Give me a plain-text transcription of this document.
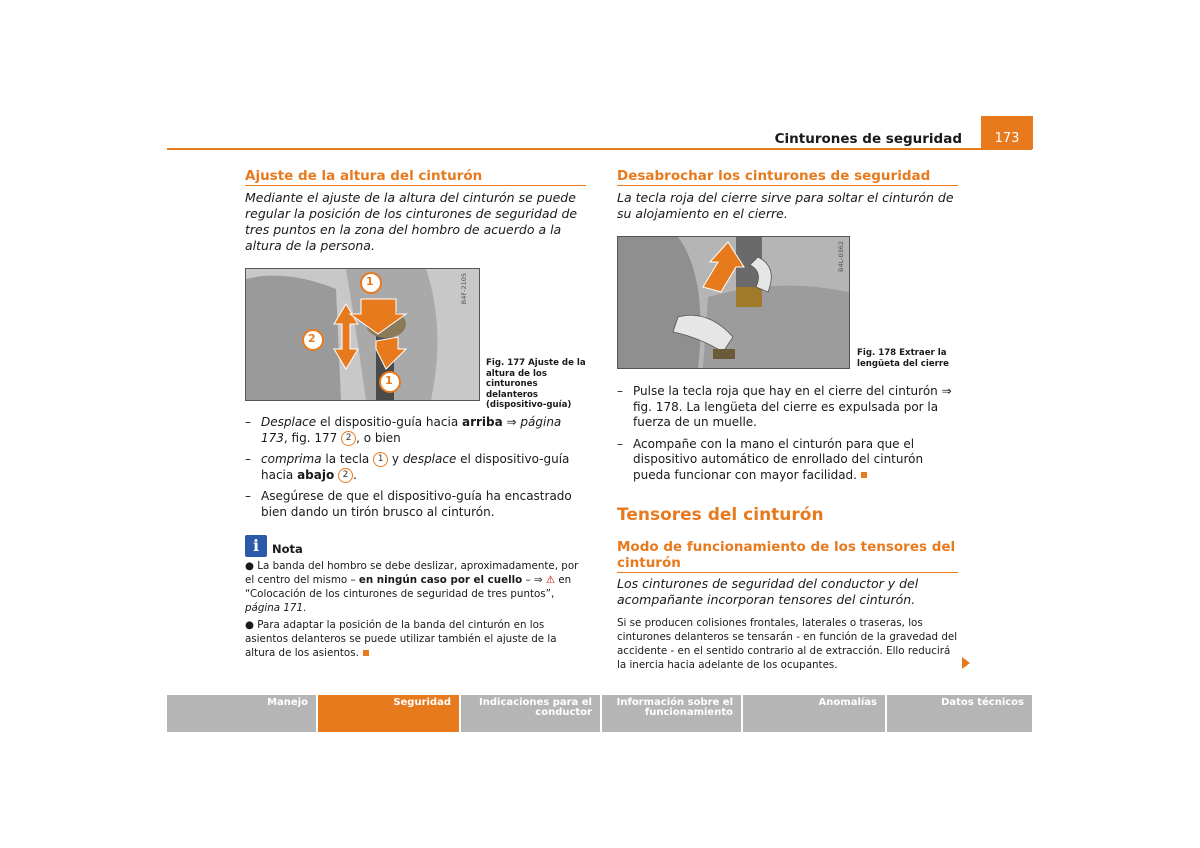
Cinturones de seguridad	173
Ajuste de la altura del cinturón
Mediante el ajuste de la altura del cinturón se puede regular la posición de los cinturones de seguridad de tres puntos en la zona del hombro de acuerdo a la altura de la persona.
1
2
1
B4F-2105
Fig. 177 Ajuste de la altura de los cinturones delanteros (dispositivo-guía)
– Desplace el dispositio-guía hacia arriba ⇒ página 173, fig. 177 2 , o bien
– comprima la tecla 1 y desplace el dispositivo-guía hacia abajo 2 .
– Asegúrese de que el dispositivo-guía ha encastrado bien dando un tirón brusco al cinturón.
i	Nota
● La banda del hombro se debe deslizar, aproximadamente, por el centro del mismo – en ningún caso por el cuello – ⇒ ⚠ en “Colocación de los cinturones de seguridad de tres puntos”, página 171.
● Para adaptar la posición de la banda del cinturón en los asientos delanteros se puede utilizar también el ajuste de la altura de los asientos.
Desabrochar los cinturones de seguridad
La tecla roja del cierre sirve para soltar el cinturón de su alojamiento en el cierre.
B4L-0362
Fig. 178 Extraer la lengüeta del cierre
– Pulse la tecla roja que hay en el cierre del cinturón ⇒ fig. 178. La lengüeta del cierre es expulsada por la fuerza de un muelle.
– Acompañe con la mano el cinturón para que el dispositivo automático de enrollado del cinturón pueda funcionar con mayor facilidad.
Tensores del cinturón
Modo de funcionamiento de los tensores del cinturón
Los cinturones de seguridad del conductor y del acompañante incorporan tensores del cinturón.
Si se producen colisiones frontales, laterales o traseras, los cinturones delanteros se tensarán - en función de la gravedad del accidente - en el sentido contrario al de extracción. Ello reducirá la inercia hacia adelante de los ocupantes.
Manejo	Seguridad	Indicaciones para el conductor
Información sobre el funcionamiento
Anomalías	Datos técnicos
